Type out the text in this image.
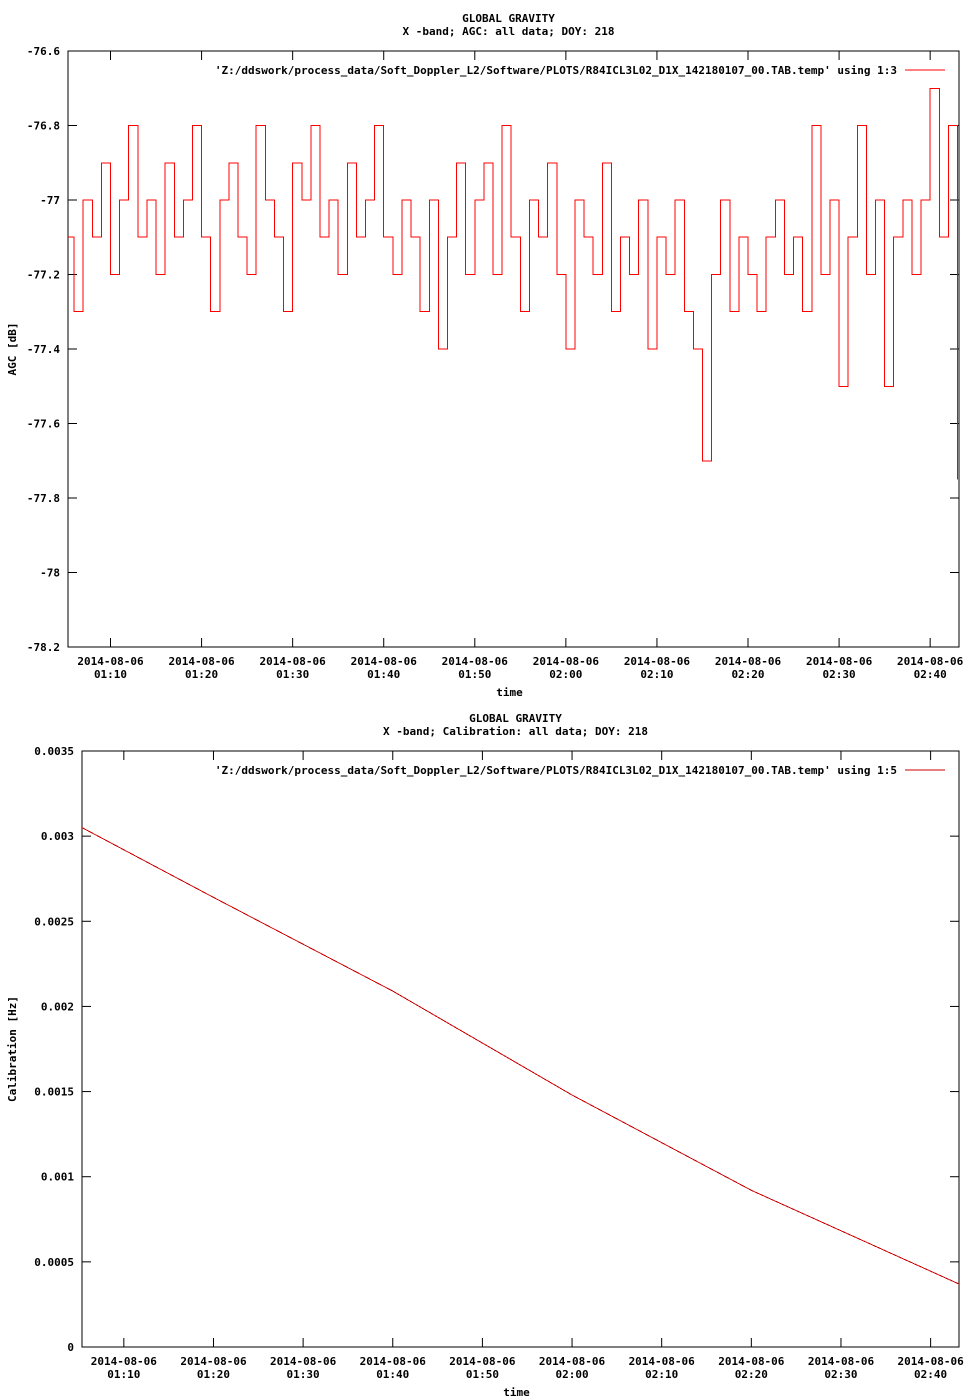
GLOBAL GRAVITY
X -band; AGC: all data; DOY: 218
-76.6
-76.8
-77
-77.2
-77.4
-77.6
-77.8
-78
-78.2
2014-08-06
01:10
2014-08-06
01:20
2014-08-06
01:30
2014-08-06
01:40
2014-08-06
01:50
2014-08-06
02:00
2014-08-06
02:10
2014-08-06
02:20
2014-08-06
02:30
2014-08-06
02:40
time
AGC [dB]
'Z:/ddswork/process_data/Soft_Doppler_L2/Software/PLOTS/R84ICL3L02_D1X_142180107_00.TAB.temp' using 1:3
GLOBAL GRAVITY
X -band; Calibration: all data; DOY: 218
0.0035
0.003
0.0025
0.002
0.0015
0.001
0.0005
0
2014-08-06
01:10
2014-08-06
01:20
2014-08-06
01:30
2014-08-06
01:40
2014-08-06
01:50
2014-08-06
02:00
2014-08-06
02:10
2014-08-06
02:20
2014-08-06
02:30
2014-08-06
02:40
time
Calibration [Hz]
'Z:/ddswork/process_data/Soft_Doppler_L2/Software/PLOTS/R84ICL3L02_D1X_142180107_00.TAB.temp' using 1:5
